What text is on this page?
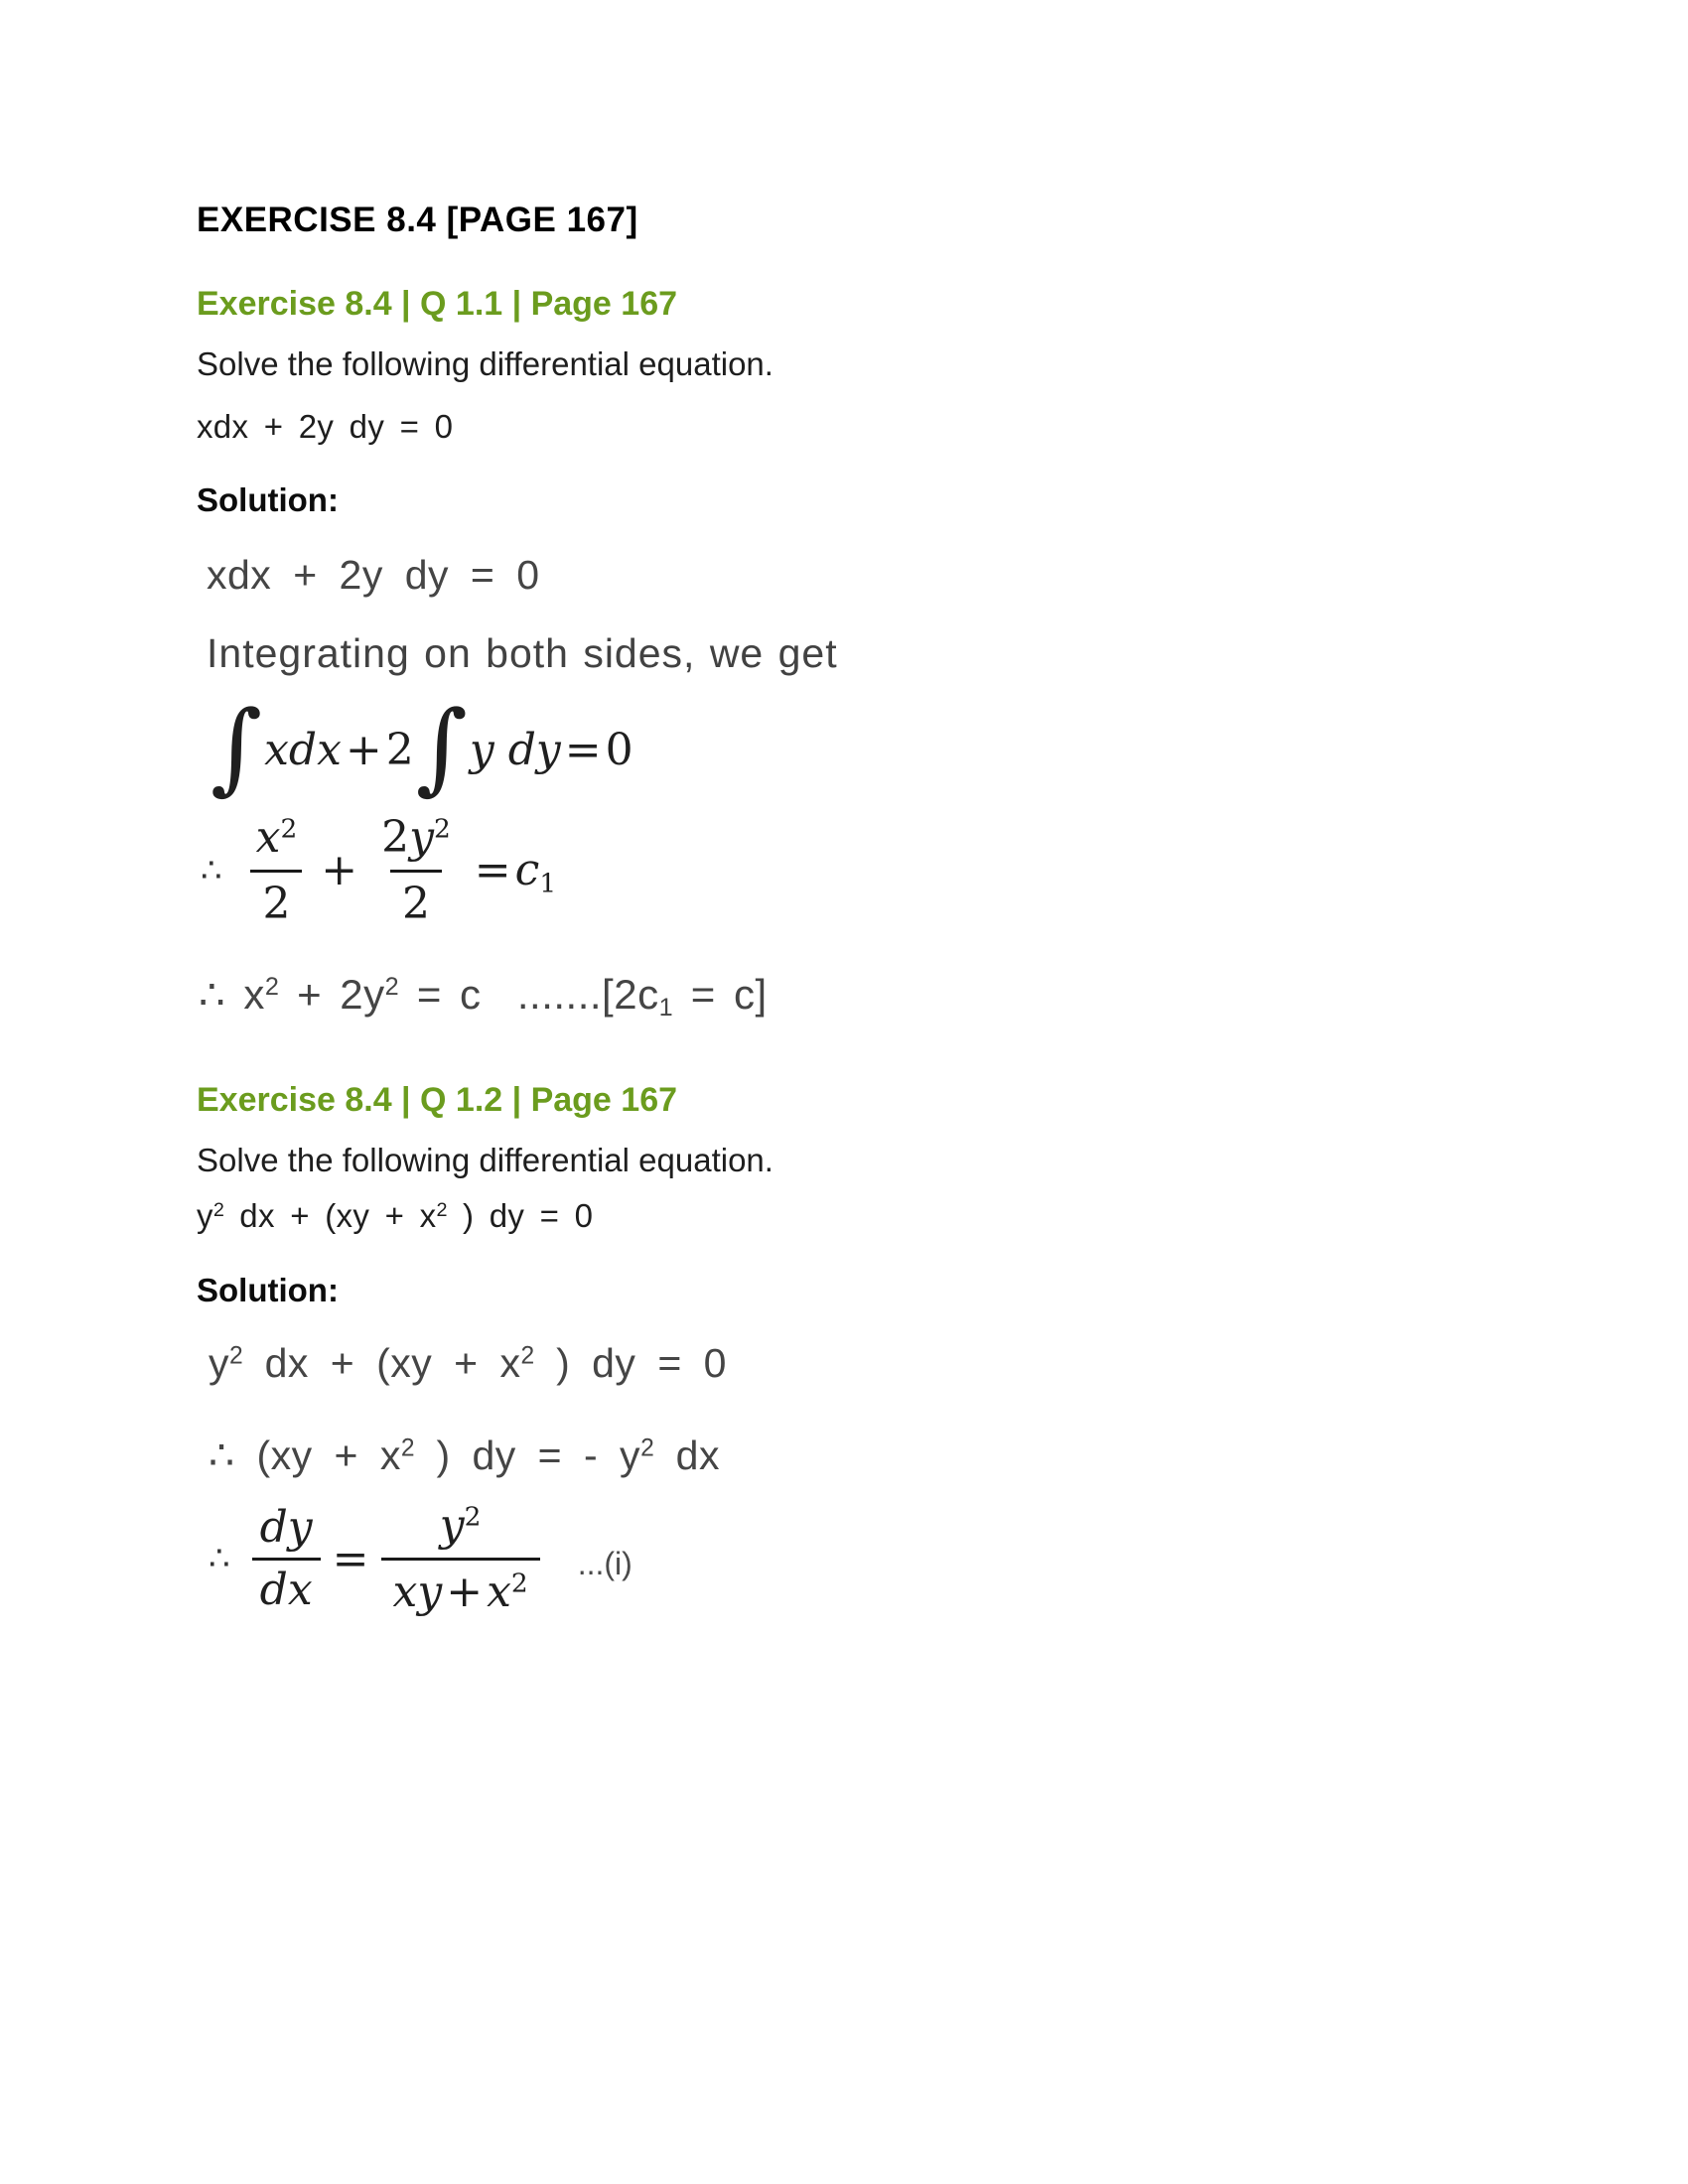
EXERCISE 8.4 [PAGE 167]
Exercise 8.4 | Q 1.1 | Page 167

Solve the following differential equation.

xdx + 2y dy = 0

Solution:

xdx + 2y dy = 0
Integrating on both sides, we get
∫ xdx + 2 ∫ y dy = 0
∴ $\frac{x^2}{2} + \frac{2y^2}{2} = c_1$
∴ $x^2 + 2y^2 = c$  $.......[2c_1 = c]$
Exercise 8.4 | Q 1.2 | Page 167

Solve the following differential equation.

$y^2$ dx + ($xy + x^2$ ) dy = 0

Solution:

$y^2$ dx + ($xy + x^2$ ) dy = 0
∴ ($xy + x^2$ ) dy = - $y^2$ dx
∴ $\frac{dy}{dx} = \frac{y^2}{xy+x^2} ...(i)$
